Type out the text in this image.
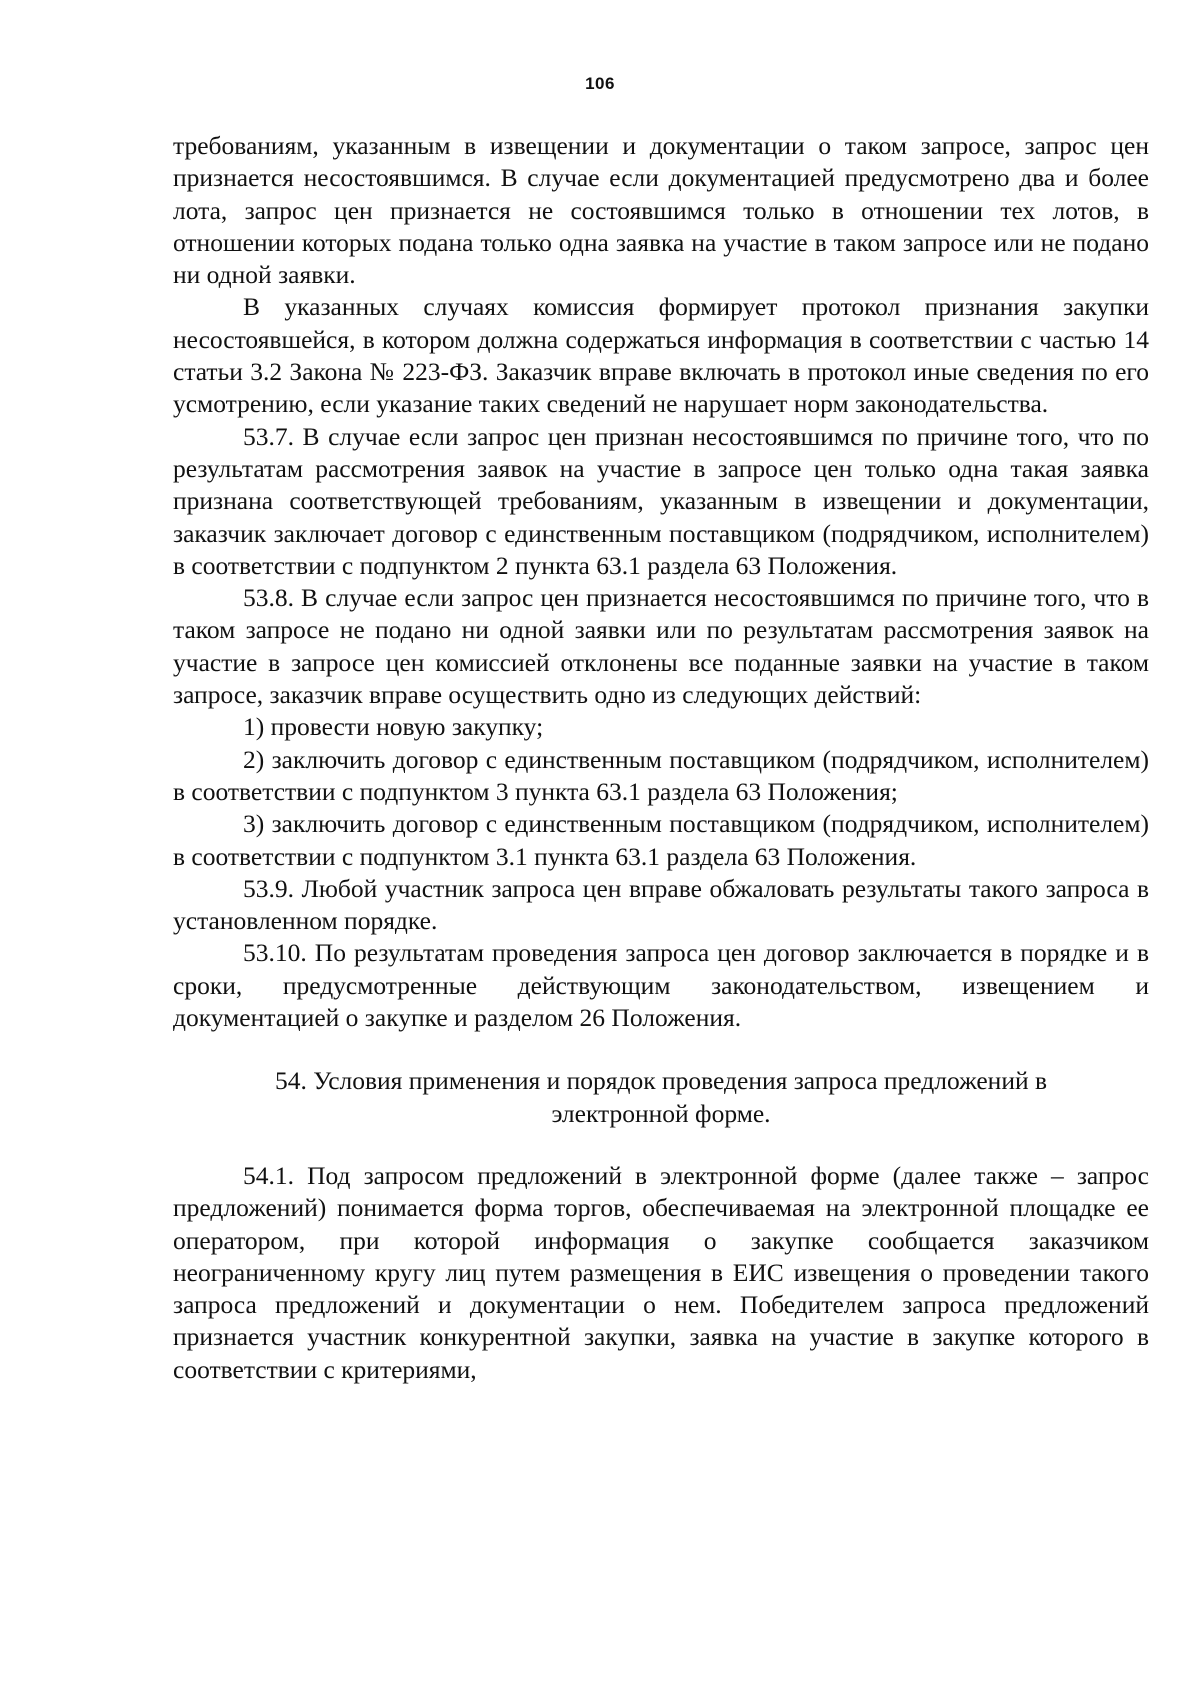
106

требованиям, указанным в извещении и документации о таком запросе, запрос цен признается несостоявшимся. В случае если документацией предусмотрено два и более лота, запрос цен признается не состоявшимся только в отношении тех лотов, в отношении которых подана только одна заявка на участие в таком запросе или не подано ни одной заявки.

В указанных случаях комиссия формирует протокол признания закупки несостоявшейся, в котором должна содержаться информация в соответствии с частью 14 статьи 3.2 Закона № 223-ФЗ. Заказчик вправе включать в протокол иные сведения по его усмотрению, если указание таких сведений не нарушает норм законодательства.

53.7. В случае если запрос цен признан несостоявшимся по причине того, что по результатам рассмотрения заявок на участие в запросе цен только одна такая заявка признана соответствующей требованиям, указанным в извещении и документации, заказчик заключает договор с единственным поставщиком (подрядчиком, исполнителем) в соответствии с подпунктом 2 пункта 63.1 раздела 63 Положения.

53.8. В случае если запрос цен признается несостоявшимся по причине того, что в таком запросе не подано ни одной заявки или по результатам рассмотрения заявок на участие в запросе цен комиссией отклонены все поданные заявки на участие в таком запросе, заказчик вправе осуществить одно из следующих действий:

1) провести новую закупку;

2) заключить договор с единственным поставщиком (подрядчиком, исполнителем) в соответствии с подпунктом 3 пункта 63.1 раздела 63 Положения;

3) заключить договор с единственным поставщиком (подрядчиком, исполнителем) в соответствии с подпунктом 3.1 пункта 63.1 раздела 63 Положения.

53.9. Любой участник запроса цен вправе обжаловать результаты такого запроса в установленном порядке.

53.10. По результатам проведения запроса цен договор заключается в порядке и в сроки, предусмотренные действующим законодательством, извещением и документацией о закупке и разделом 26 Положения.

54. Условия применения и порядок проведения запроса предложений в электронной форме.

54.1. Под запросом предложений в электронной форме (далее также – запрос предложений) понимается форма торгов, обеспечиваемая на электронной площадке ее оператором, при которой информация о закупке сообщается заказчиком неограниченному кругу лиц путем размещения в ЕИС извещения о проведении такого запроса предложений и документации о нем. Победителем запроса предложений признается участник конкурентной закупки, заявка на участие в закупке которого в соответствии с критериями,
